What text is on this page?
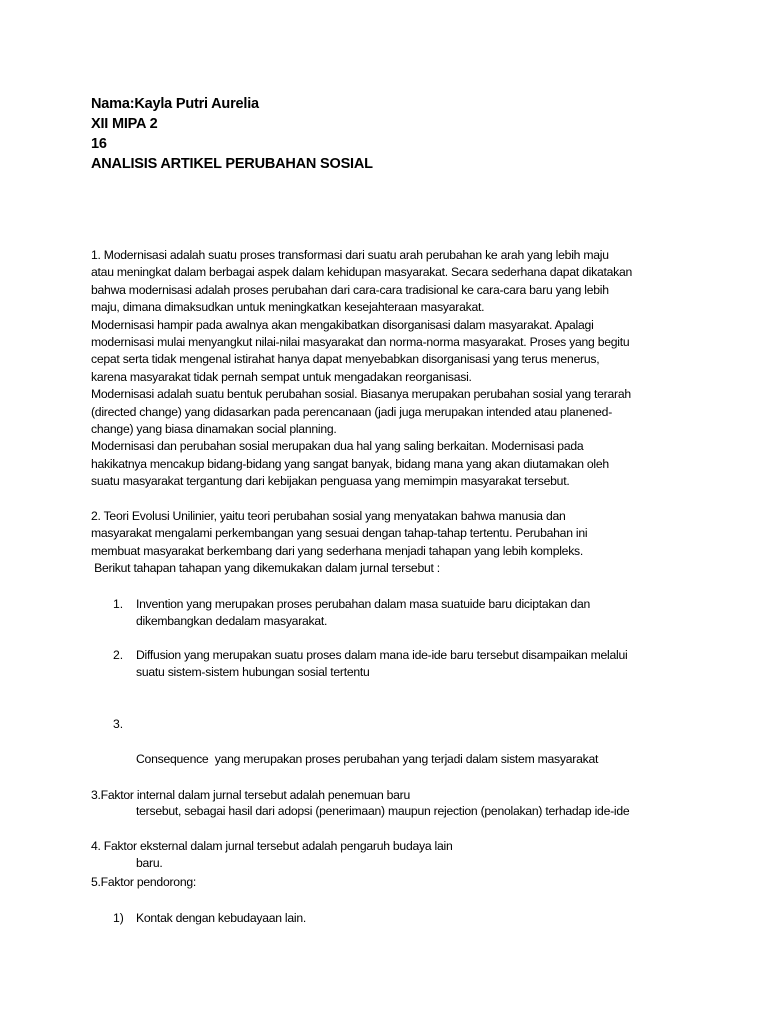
Nama:Kayla Putri Aurelia
XII MIPA 2
16
ANALISIS ARTIKEL PERUBAHAN SOSIAL
1. Modernisasi adalah suatu proses transformasi dari suatu arah perubahan ke arah yang lebih maju
atau meningkat dalam berbagai aspek dalam kehidupan masyarakat. Secara sederhana dapat dikatakan
bahwa modernisasi adalah proses perubahan dari cara-cara tradisional ke cara-cara baru yang lebih
maju, dimana dimaksudkan untuk meningkatkan kesejahteraan masyarakat.
Modernisasi hampir pada awalnya akan mengakibatkan disorganisasi dalam masyarakat. Apalagi
modernisasi mulai menyangkut nilai-nilai masyarakat dan norma-norma masyarakat. Proses yang begitu
cepat serta tidak mengenal istirahat hanya dapat menyebabkan disorganisasi yang terus menerus,
karena masyarakat tidak pernah sempat untuk mengadakan reorganisasi.
Modernisasi adalah suatu bentuk perubahan sosial. Biasanya merupakan perubahan sosial yang terarah
(directed change) yang didasarkan pada perencanaan (jadi juga merupakan intended atau planened-
change) yang biasa dinamakan social planning.
Modernisasi dan perubahan sosial merupakan dua hal yang saling berkaitan. Modernisasi pada
hakikatnya mencakup bidang-bidang yang sangat banyak, bidang mana yang akan diutamakan oleh
suatu masyarakat tergantung dari kebijakan penguasa yang memimpin masyarakat tersebut.
2. Teori Evolusi Unilinier, yaitu teori perubahan sosial yang menyatakan bahwa manusia dan
masyarakat mengalami perkembangan yang sesuai dengan tahap-tahap tertentu. Perubahan ini
membuat masyarakat berkembang dari yang sederhana menjadi tahapan yang lebih kompleks.
Berikut tahapan tahapan yang dikemukakan dalam jurnal tersebut :
1. Invention yang merupakan proses perubahan dalam masa suatuide baru diciptakan dan
dikembangkan dedalam masyarakat.
2. Diffusion yang merupakan suatu proses dalam mana ide-ide baru tersebut disampaikan melalui
suatu sistem-sistem hubungan sosial tertentu
3.

Consequence  yang merupakan proses perubahan yang terjadi dalam sistem masyarakat

tersebut, sebagai hasil dari adopsi (penerimaan) maupun rejection (penolakan) terhadap ide-ide

baru.

3.Faktor internal dalam jurnal tersebut adalah penemuan baru
4. Faktor eksternal dalam jurnal tersebut adalah pengaruh budaya lain
5.Faktor pendorong:
1) Kontak dengan kebudayaan lain.
